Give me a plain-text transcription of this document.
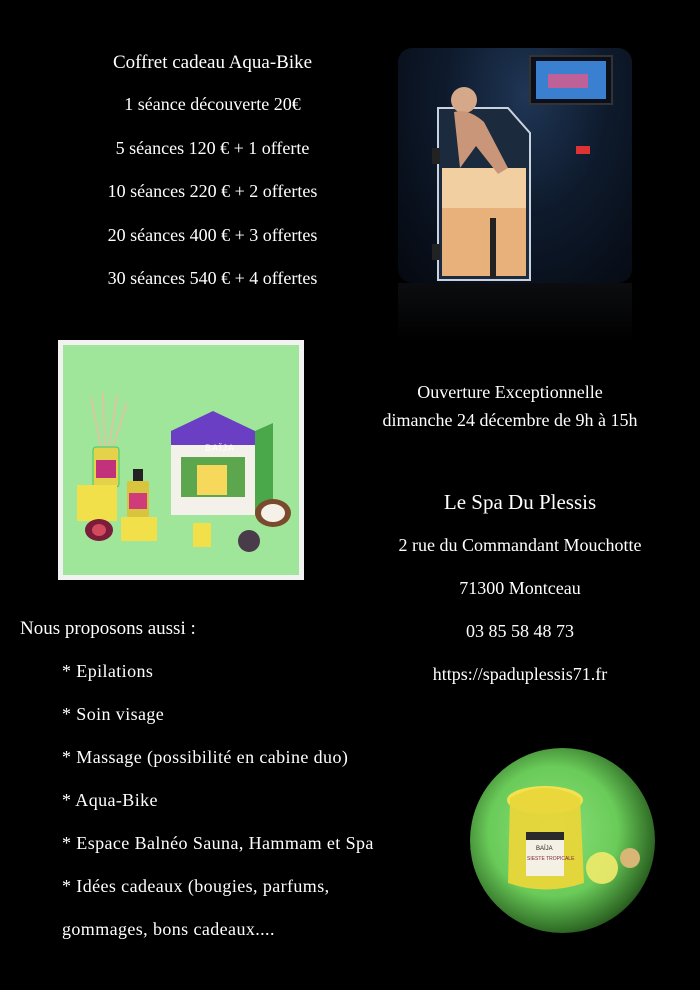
Coffret cadeau Aqua-Bike
1 séance découverte 20€
5 séances 120 € + 1 offerte
10 séances 220 € + 2 offertes
20 séances 400 € + 3 offertes
30 séances 540 € + 4 offertes
BAÏJA
Ouverture Exceptionnelle
dimanche 24 décembre de 9h à 15h
Le Spa Du Plessis
2 rue du Commandant Mouchotte
71300 Montceau
03 85 58 48 73
https://spaduplessis71.fr
Nous proposons aussi :
* Epilations
* Soin visage
* Massage (possibilité en cabine duo)
* Aqua-Bike
* Espace Balnéo Sauna, Hammam et Spa
* Idées cadeaux (bougies, parfums,
gommages, bons cadeaux....
BAÏJA
SIESTE TROPICALE
